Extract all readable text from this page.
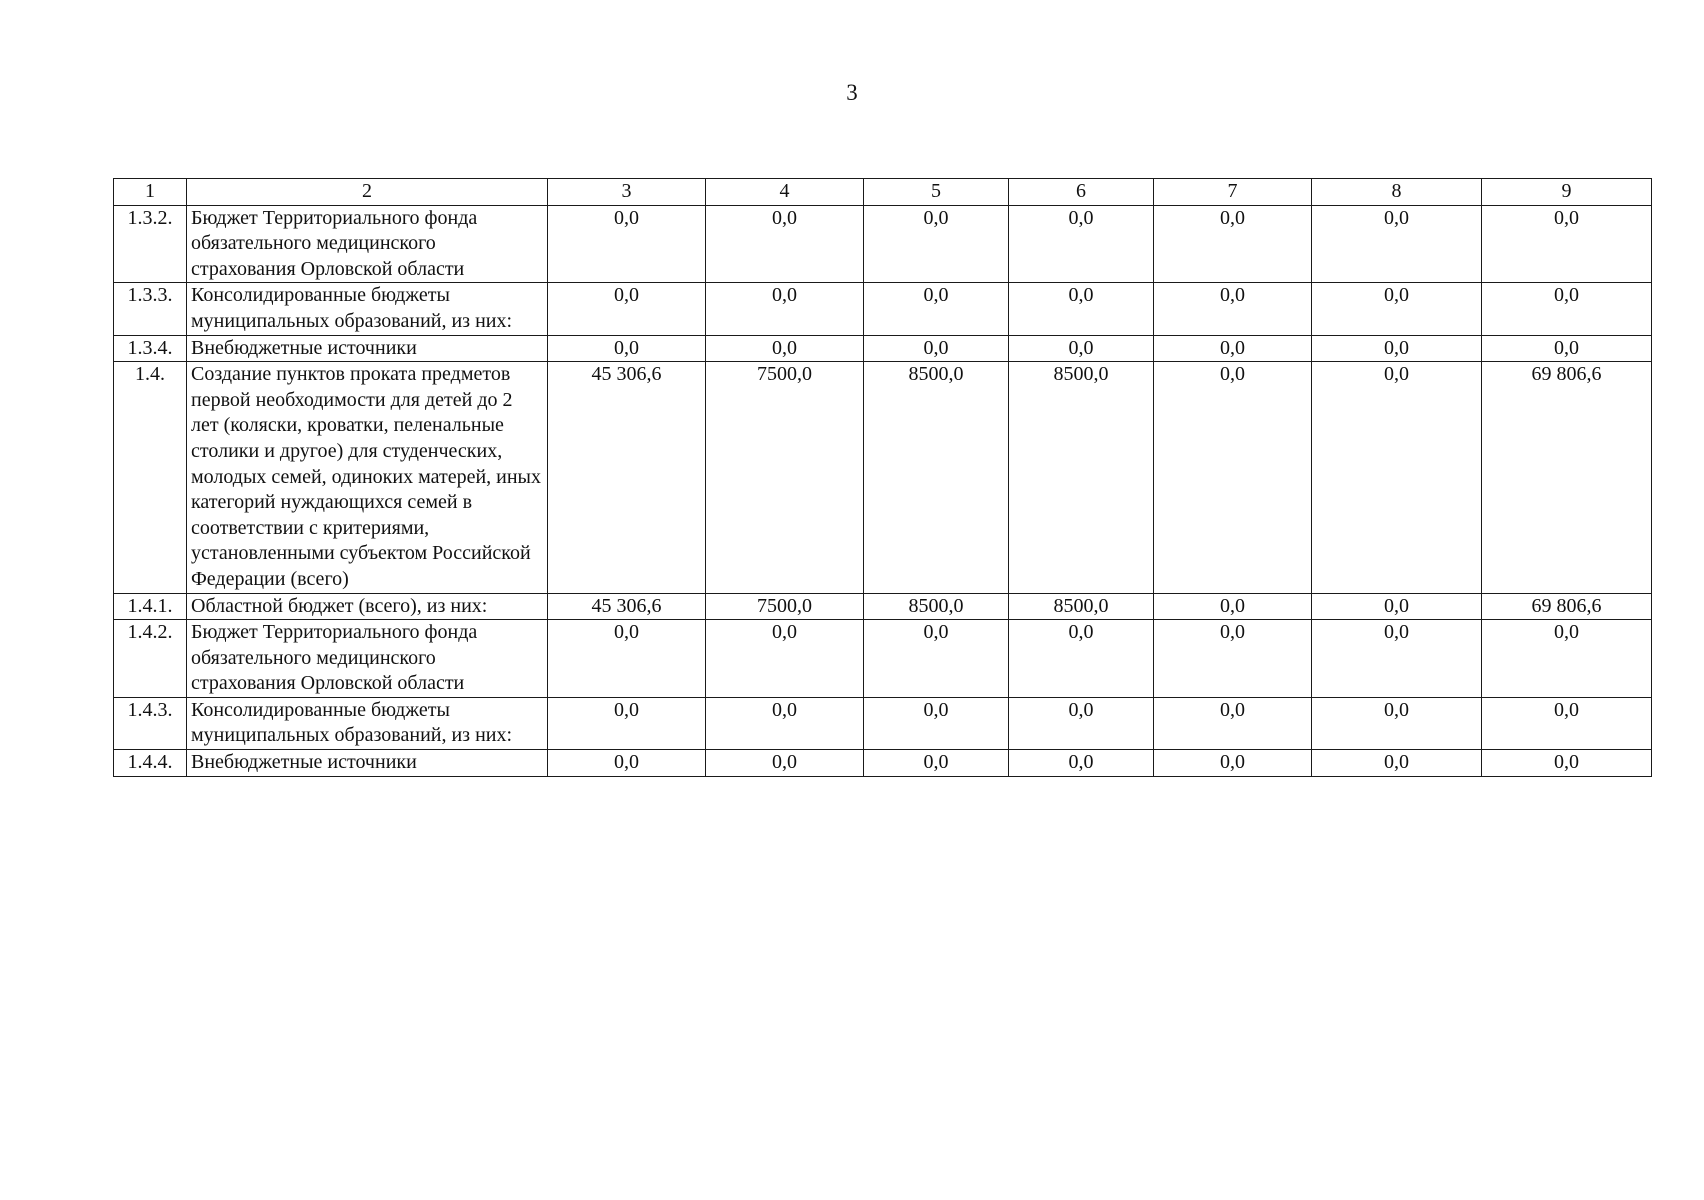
3
1	2	3	4	5	6	7	8	9
1.3.2.	Бюджет Территориального фонда обязательного медицинского страхования Орловской области	0,0	0,0	0,0	0,0	0,0	0,0	0,0
1.3.3.	Консолидированные бюджеты муниципальных образований, из них:	0,0	0,0	0,0	0,0	0,0	0,0	0,0
1.3.4.	Внебюджетные источники	0,0	0,0	0,0	0,0	0,0	0,0	0,0
1.4.	Создание пунктов проката предметов первой необходимости для детей до 2 лет (коляски, кроватки, пеленальные столики и другое) для студенческих, молодых семей, одиноких матерей, иных категорий нуждающихся семей в соответствии с критериями, установленными субъектом Российской Федерации (всего)	45 306,6	7500,0	8500,0	8500,0	0,0	0,0	69 806,6
1.4.1.	Областной бюджет (всего), из них:	45 306,6	7500,0	8500,0	8500,0	0,0	0,0	69 806,6
1.4.2.	Бюджет Территориального фонда обязательного медицинского страхования Орловской области	0,0	0,0	0,0	0,0	0,0	0,0	0,0
1.4.3.	Консолидированные бюджеты муниципальных образований, из них:	0,0	0,0	0,0	0,0	0,0	0,0	0,0
1.4.4.	Внебюджетные источники	0,0	0,0	0,0	0,0	0,0	0,0	0,0
